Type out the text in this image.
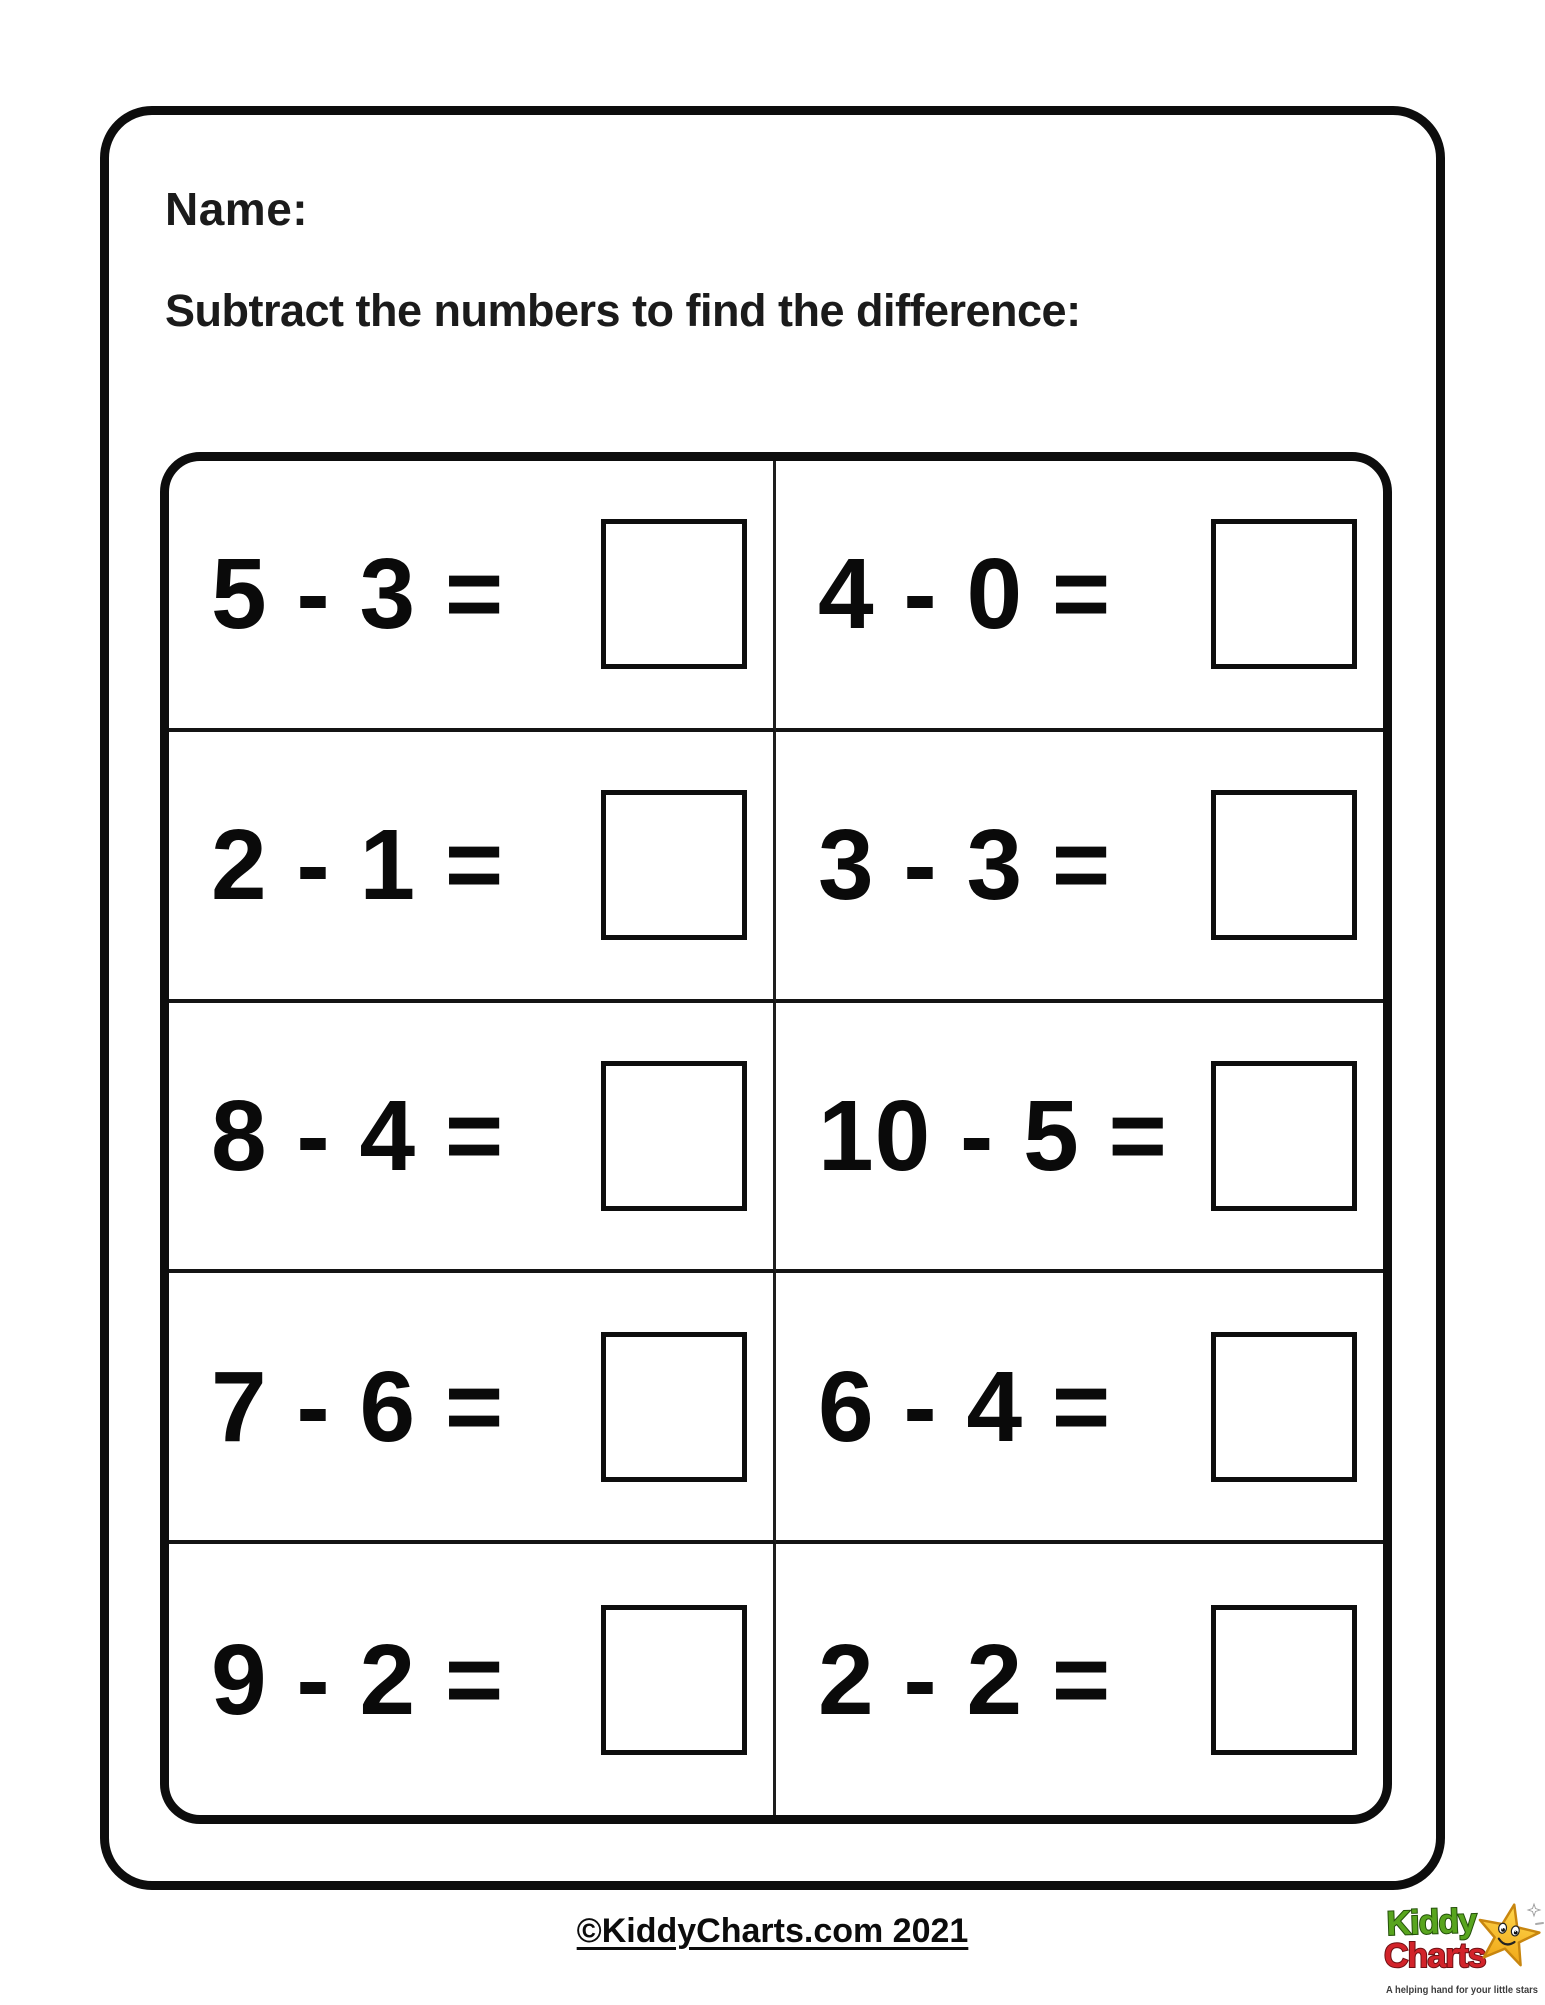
Name:
Subtract the numbers to find the difference:
5 - 3 =	4 - 0 =
2 - 1 =	3 - 3 =
8 - 4 =	10 - 5 =
7 - 6 =	6 - 4 =
9 - 2 =	2 - 2 =
©KiddyCharts.com 2021	Kiddy
Charts
A helping hand for your little stars
